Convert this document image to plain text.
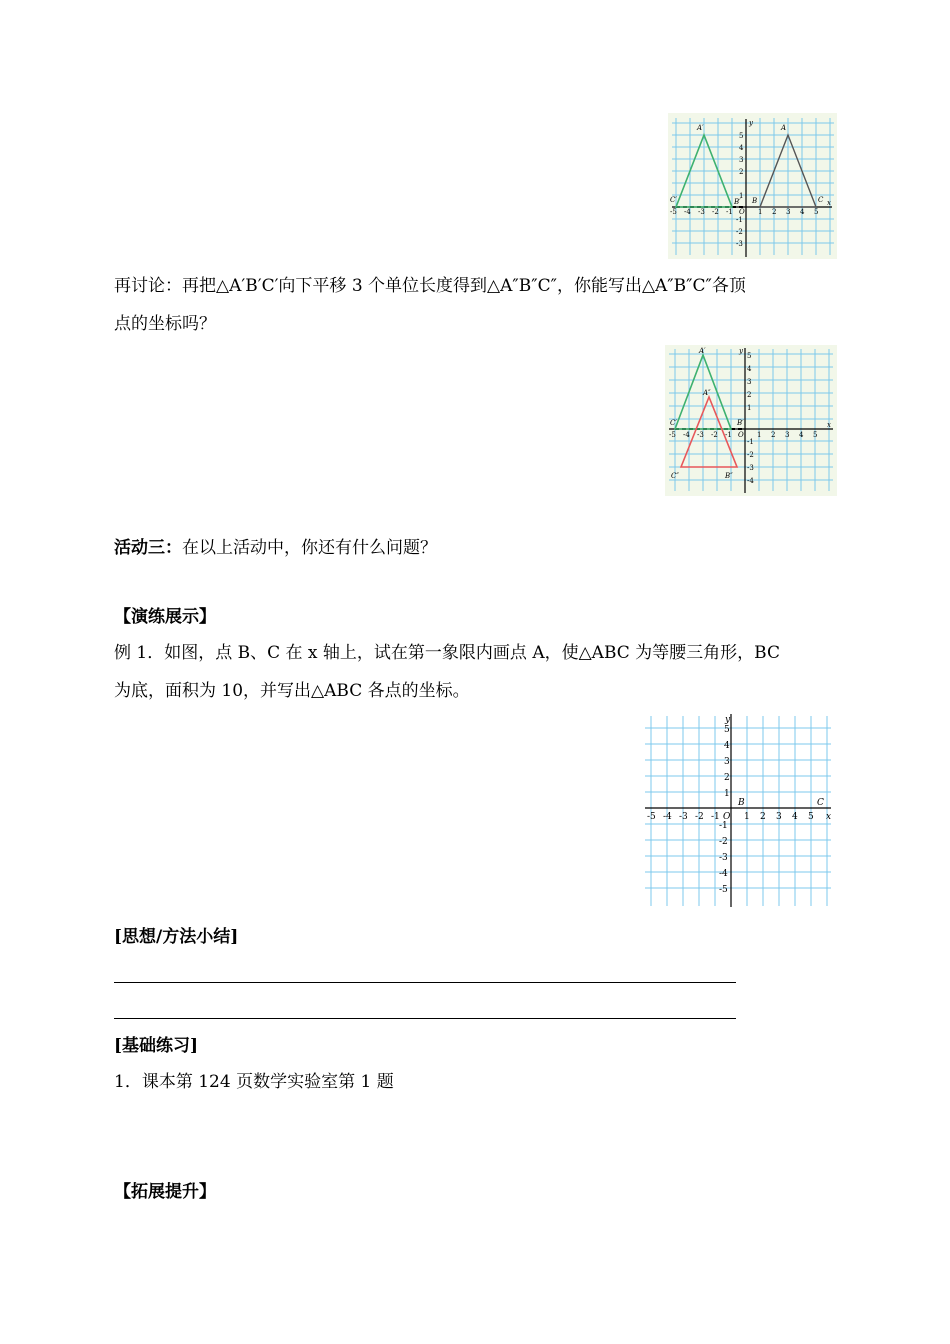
-5 -4 -3 -2 -1 O 1 2 3 4 5
5
4
3
2
1
-1
-2
-3
x
y
A′
B′
C′
A
B	C
再讨论：再把△A′B′C′向下平移 3 个单位长度得到△A″B″C″，你能写出△A″B″C″各顶
点的坐标吗？
-5 -4 -3 -2 -1 O 1 2 3 4 5
5
4
3
2
1
-1
-2
-3
-4
x
y
A′
B′
C′
A″
B″
C″
活动三：在以上活动中，你还有什么问题？
【演练展示】
例 1．如图，点 B、C 在 x 轴上，试在第一象限内画点 A，使△ABC 为等腰三角形，BC
为底，面积为 10，并写出△ABC 各点的坐标。
-5 -4 -3 -2 -1 O 1 2 3 4 5
5
4
3
2
1
-1
-2
-3
-4
-5
x
y
B	C
[思想/方法小结]
[基础练习]
1．课本第 124 页数学实验室第 1 题
【拓展提升】
